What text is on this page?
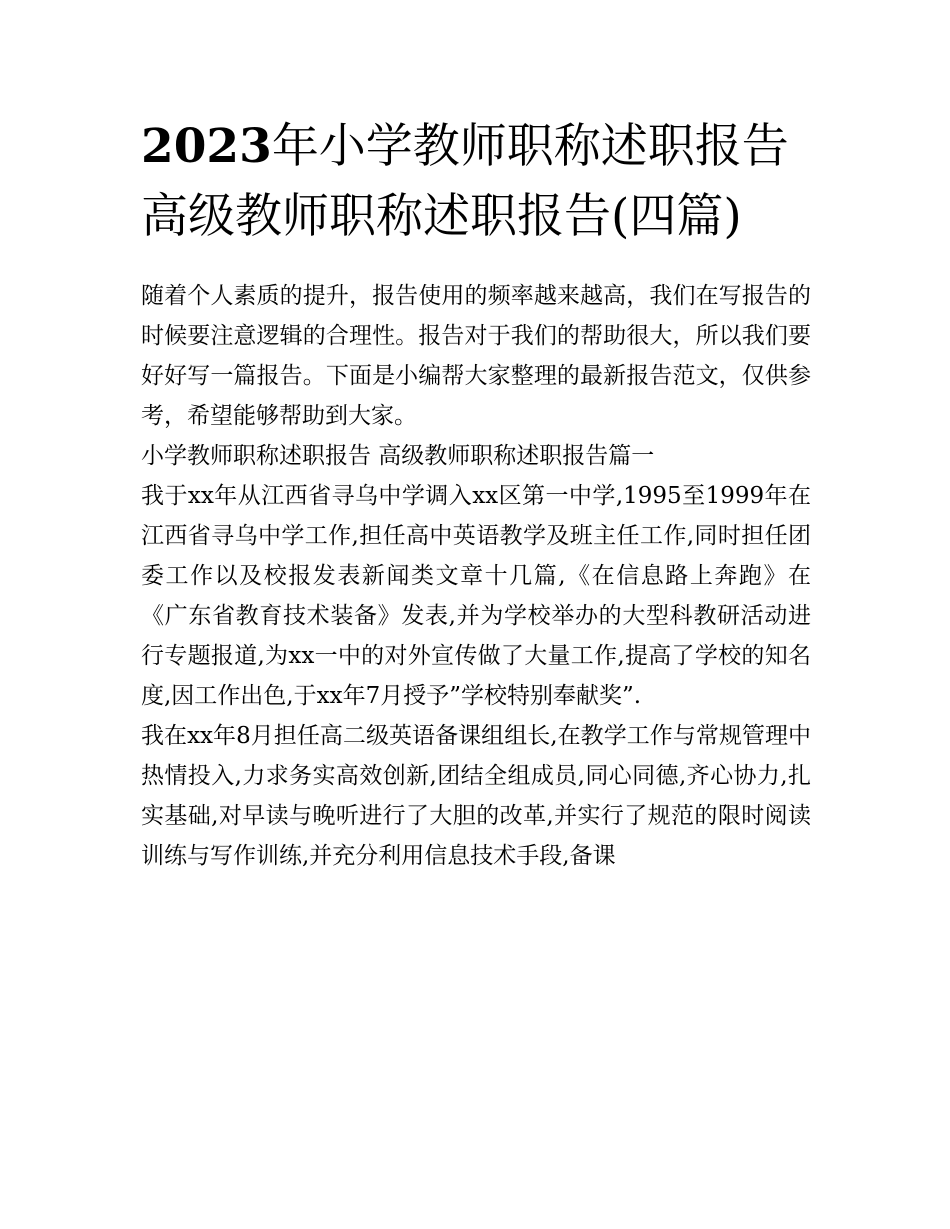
2023年小学教师职称述职报告
高级教师职称述职报告(四篇)

随着个人素质的提升，报告使用的频率越来越高，我们在写报告的时候要注意逻辑的合理性。报告对于我们的帮助很大，所以我们要好好写一篇报告。下面是小编帮大家整理的最新报告范文，仅供参考，希望能够帮助到大家。

小学教师职称述职报告 高级教师职称述职报告篇一

我于xx年从江西省寻乌中学调入xx区第一中学,1995至1999年在江西省寻乌中学工作,担任高中英语教学及班主任工作,同时担任团委工作以及校报发表新闻类文章十几篇,《在信息路上奔跑》在《广东省教育技术装备》发表,并为学校举办的大型科教研活动进行专题报道,为xx一中的对外宣传做了大量工作,提高了学校的知名度,因工作出色,于xx年7月授予”学校特别奉献奖”.

我在xx年8月担任高二级英语备课组组长,在教学工作与常规管理中热情投入,力求务实高效创新,团结全组成员,同心同德,齐心协力,扎实基础,对早读与晚听进行了大胆的改革,并实行了规范的限时阅读训练与写作训练,并充分利用信息技术手段,备课
